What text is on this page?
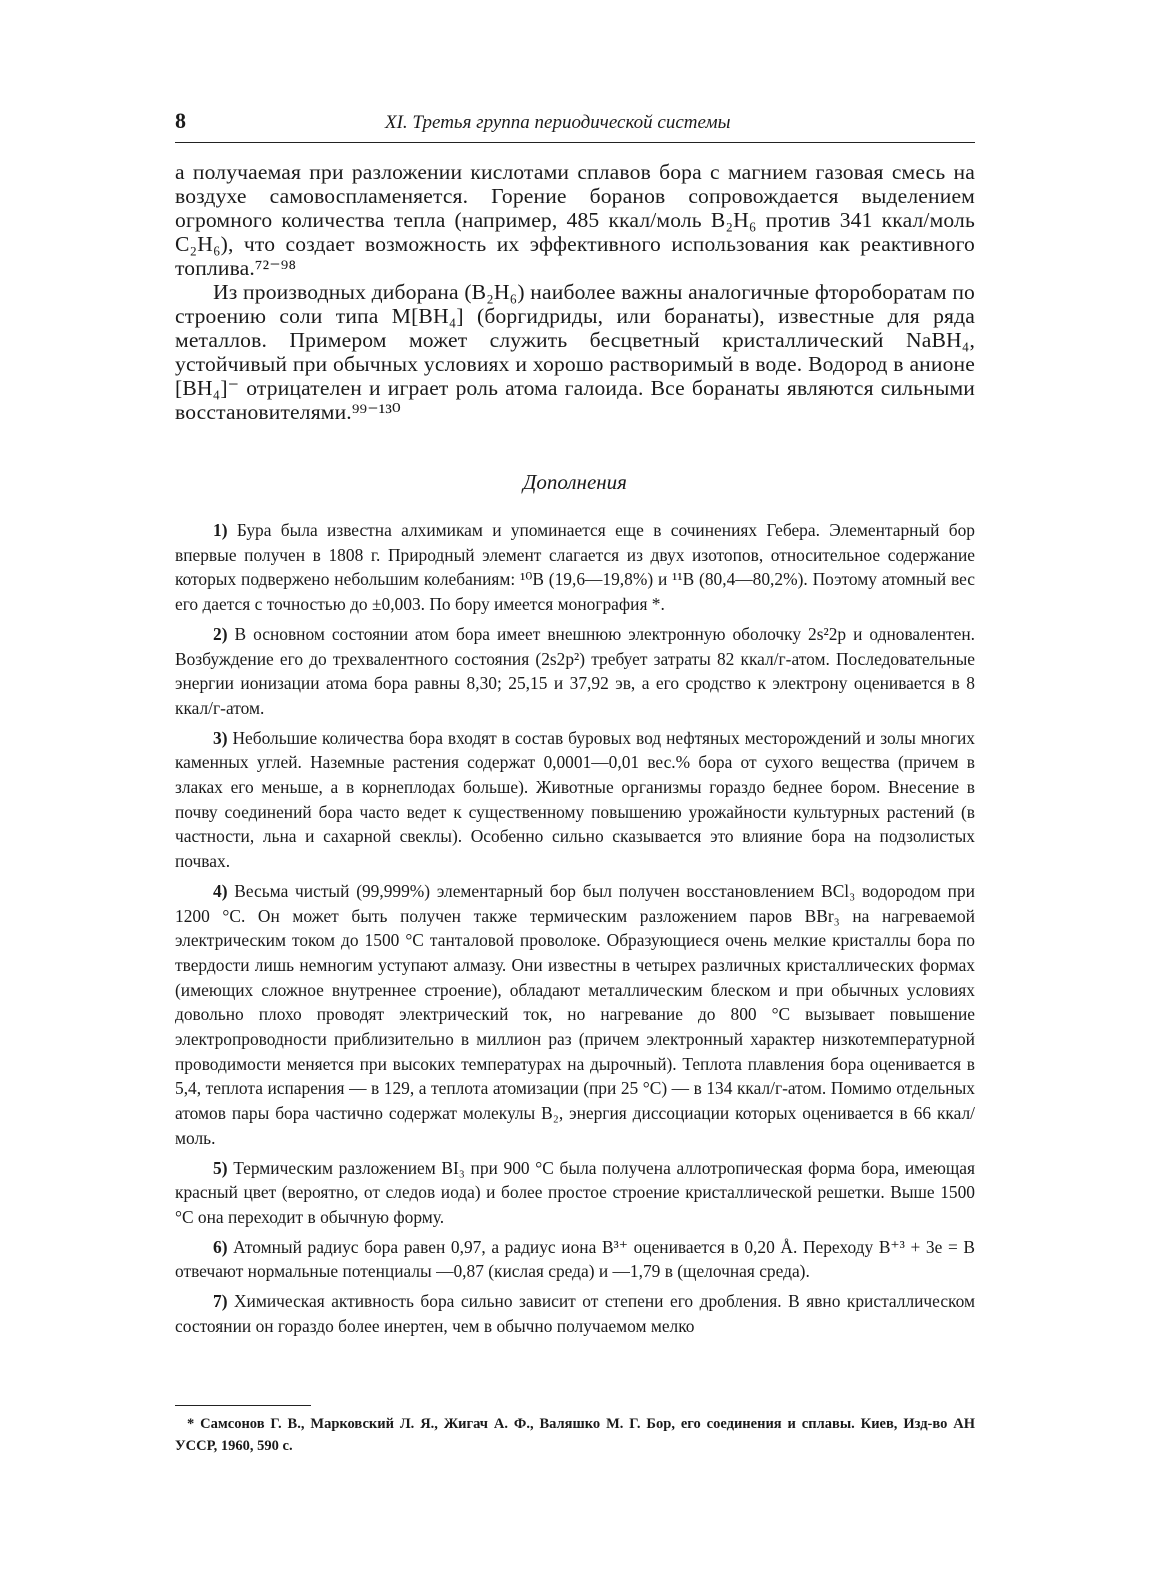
8	XI. Третья группа периодической системы

а получаемая при разложении кислотами сплавов бора с магнием газовая смесь на воздухе самовоспламеняется. Горение боранов сопровождается выделением огромного количества тепла (например, 485 ккал/моль B₂H₆ против 341 ккал/моль C₂H₆), что создает возможность их эффективного использования как реактивного топлива.⁷²⁻⁹⁸

Из производных диборана (B₂H₆) наиболее важны аналогичные фтороборатам по строению соли типа M[BH₄] (боргидриды, или боранаты), известные для ряда металлов. Примером может служить бесцветный кристаллический NaBH₄, устойчивый при обычных условиях и хорошо растворимый в воде. Водород в анионе [BH₄]⁻ отрицателен и играет роль атома галоида. Все боранаты являются сильными восстановителями.⁹⁹⁻¹³⁰

Дополнения

1) Бура была известна алхимикам и упоминается еще в сочинениях Гебера. Элементарный бор впервые получен в 1808 г. Природный элемент слагается из двух изотопов, относительное содержание которых подвержено небольшим колебаниям: ¹⁰B (19,6—19,8%) и ¹¹B (80,4—80,2%). Поэтому атомный вес его дается с точностью до ±0,003. По бору имеется монография *.

2) В основном состоянии атом бора имеет внешнюю электронную оболочку 2s²2p и одновалентен. Возбуждение его до трехвалентного состояния (2s2p²) требует затраты 82 ккал/г-атом. Последовательные энергии ионизации атома бора равны 8,30; 25,15 и 37,92 эв, а его сродство к электрону оценивается в 8 ккал/г-атом.

3) Небольшие количества бора входят в состав буровых вод нефтяных месторождений и золы многих каменных углей. Наземные растения содержат 0,0001—0,01 вес.% бора от сухого вещества (причем в злаках его меньше, а в корнеплодах больше). Животные организмы гораздо беднее бором. Внесение в почву соединений бора часто ведет к существенному повышению урожайности культурных растений (в частности, льна и сахарной свеклы). Особенно сильно сказывается это влияние бора на подзолистых почвах.

4) Весьма чистый (99,999%) элементарный бор был получен восстановлением BCl₃ водородом при 1200 °С. Он может быть получен также термическим разложением паров BBr₃ на нагреваемой электрическим током до 1500 °С танталовой проволоке. Образующиеся очень мелкие кристаллы бора по твердости лишь немногим уступают алмазу. Они известны в четырех различных кристаллических формах (имеющих сложное внутреннее строение), обладают металлическим блеском и при обычных условиях довольно плохо проводят электрический ток, но нагревание до 800 °С вызывает повышение электропроводности приблизительно в миллион раз (причем электронный характер низкотемпературной проводимости меняется при высоких температурах на дырочный). Теплота плавления бора оценивается в 5,4, теплота испарения — в 129, а теплота атомизации (при 25 °С) — в 134 ккал/г-атом. Помимо отдельных атомов пары бора частично содержат молекулы B₂, энергия диссоциации которых оценивается в 66 ккал/моль.

5) Термическим разложением BI₃ при 900 °С была получена аллотропическая форма бора, имеющая красный цвет (вероятно, от следов иода) и более простое строение кристаллической решетки. Выше 1500 °С она переходит в обычную форму.

6) Атомный радиус бора равен 0,97, а радиус иона B³⁺ оценивается в 0,20 Å. Переходу B⁺³ + 3e = B отвечают нормальные потенциалы —0,87 (кислая среда) и —1,79 в (щелочная среда).

7) Химическая активность бора сильно зависит от степени его дробления. В явно кристаллическом состоянии он гораздо более инертен, чем в обычно получаемом мелко

* Самсонов Г. В., Марковский Л. Я., Жигач А. Ф., Валяшко М. Г. Бор, его соединения и сплавы. Киев, Изд-во АН УССР, 1960, 590 с.
